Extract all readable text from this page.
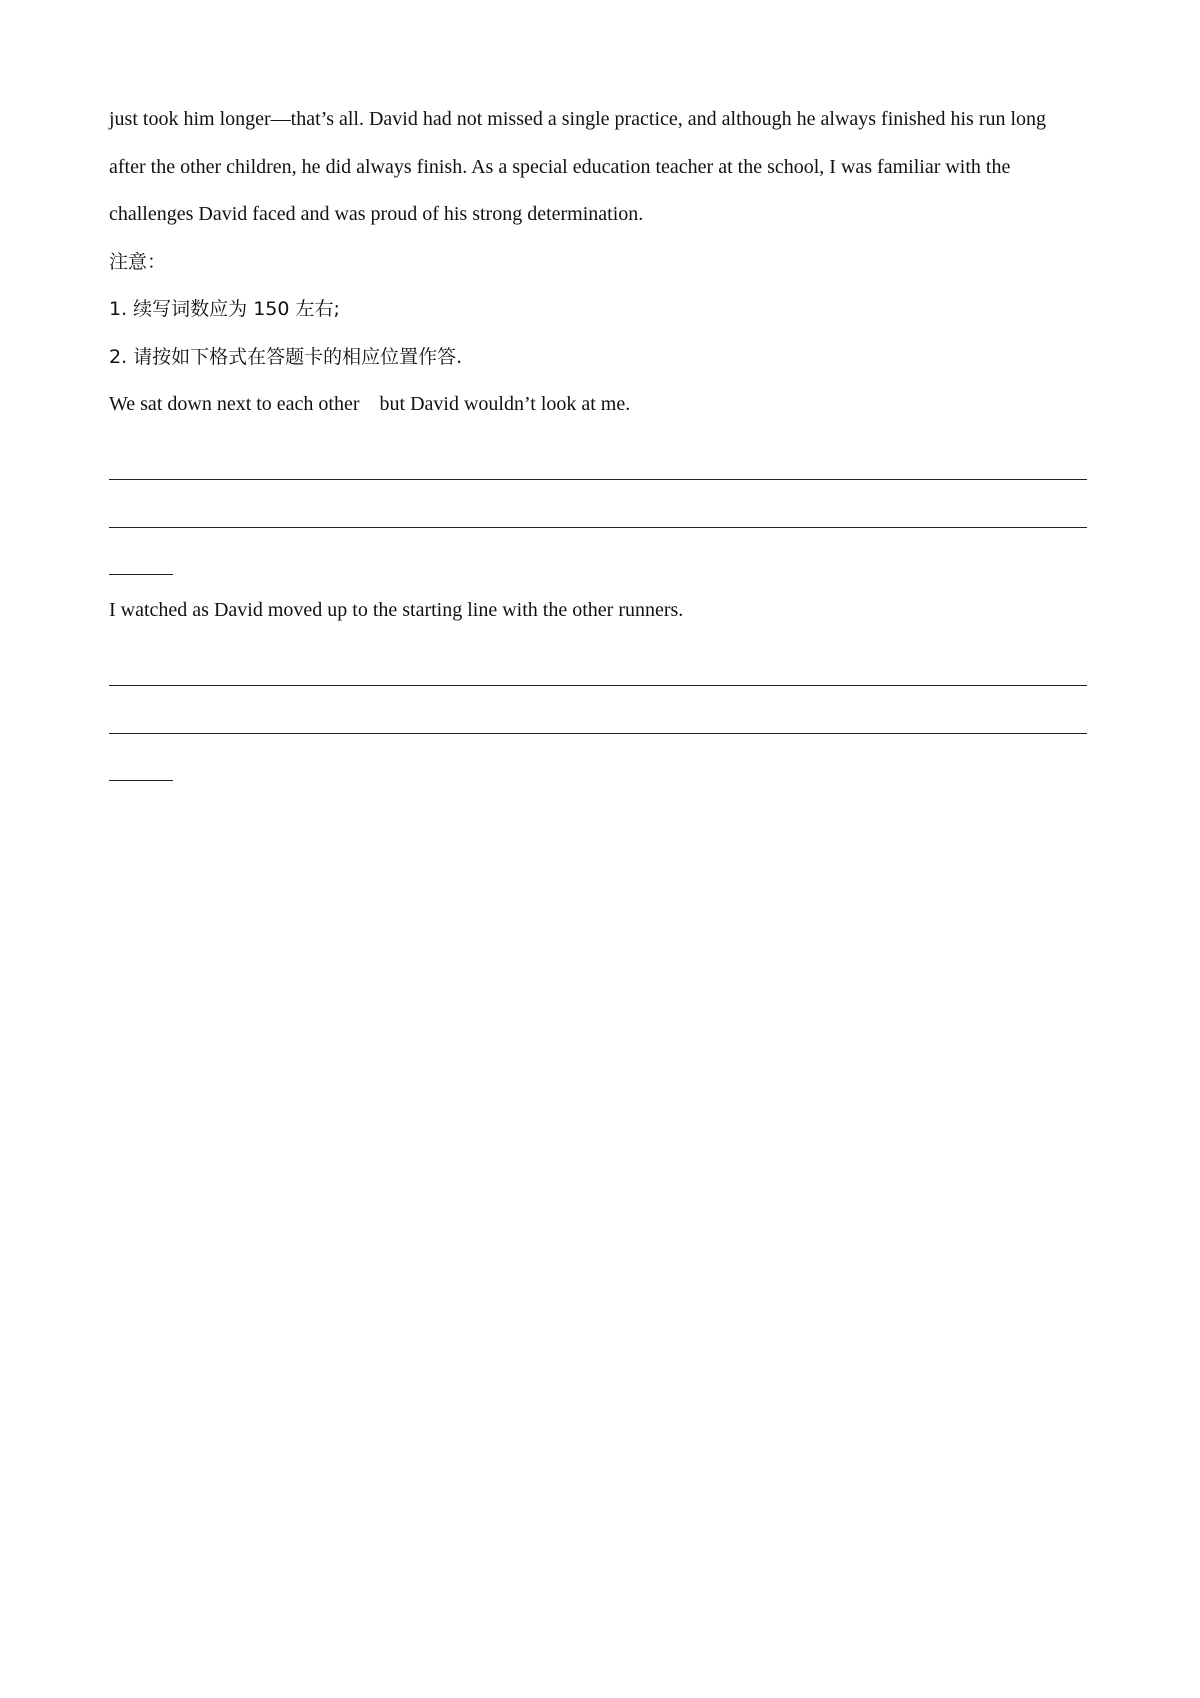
just took him longer—that’s all. David had not missed a single practice, and although he always finished his run long
after the other children, he did always finish. As a special education teacher at the school, I was familiar with the
challenges David faced and was proud of his strong determination.
注意：
1. 续写词数应为 150 左右;
2. 请按如下格式在答题卡的相应位置作答.
We sat down next to each other but David wouldn’t look at me.
I watched as David moved up to the starting line with the other runners.
